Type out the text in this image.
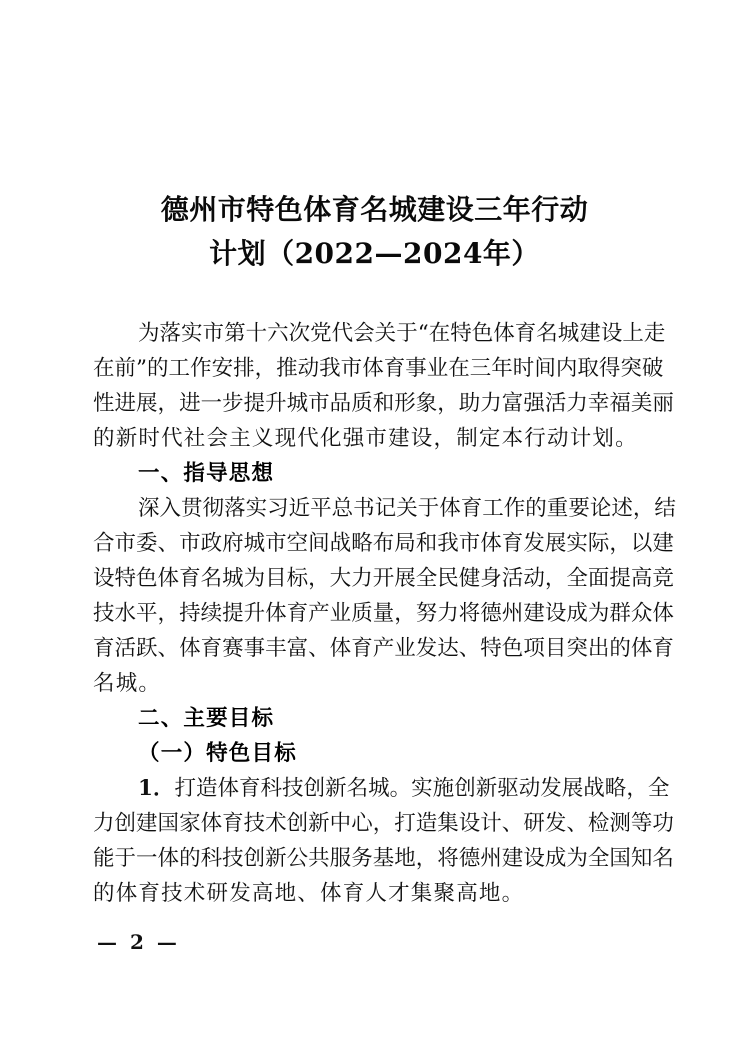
德州市特色体育名城建设三年行动
计划（2022—2024年）
为 落 实 市 第 十 六 次 党 代 会 关 于 “ 在 特 色 体 育 名 城 建 设 上 走
在 前 ” 的 工 作 安 排 ， 推 动 我 市 体 育 事 业 在 三 年 时 间 内 取 得 突 破
性 进 展 ， 进 一 步 提 升 城 市 品 质 和 形 象 ， 助 力 富 强 活 力 幸 福 美 丽
的新时代社会主义现代化强市建设，制定本行动计划。
一、指导思想
深 入 贯 彻 落 实 习 近 平 总 书 记 关 于 体 育 工 作 的 重 要 论 述 ， 结
合 市 委 、 市 政 府 城 市 空 间 战 略 布 局 和 我 市 体 育 发 展 实 际 ， 以 建
设 特 色 体 育 名 城 为 目 标 ， 大 力 开 展 全 民 健 身 活 动 ， 全 面 提 高 竞
技 水 平 ， 持 续 提 升 体 育 产 业 质 量 ， 努 力 将 德 州 建 设 成 为 群 众 体
育 活 跃 、 体 育 赛 事 丰 富 、 体 育 产 业 发 达 、 特 色 项 目 突 出 的 体 育
名城。
二、主要目标
（一）特色目标
1 ． 打 造 体 育 科 技 创 新 名 城 。 实 施 创 新 驱 动 发 展 战 略 ， 全
力 创 建 国 家 体 育 技 术 创 新 中 心 ， 打 造 集 设 计 、 研 发 、 检 测 等 功
能 于 一 体 的 科 技 创 新 公 共 服 务 基 地 ， 将 德 州 建 设 成 为 全 国 知 名
的体育技术研发高地、体育人才集聚高地。
— 2 —
